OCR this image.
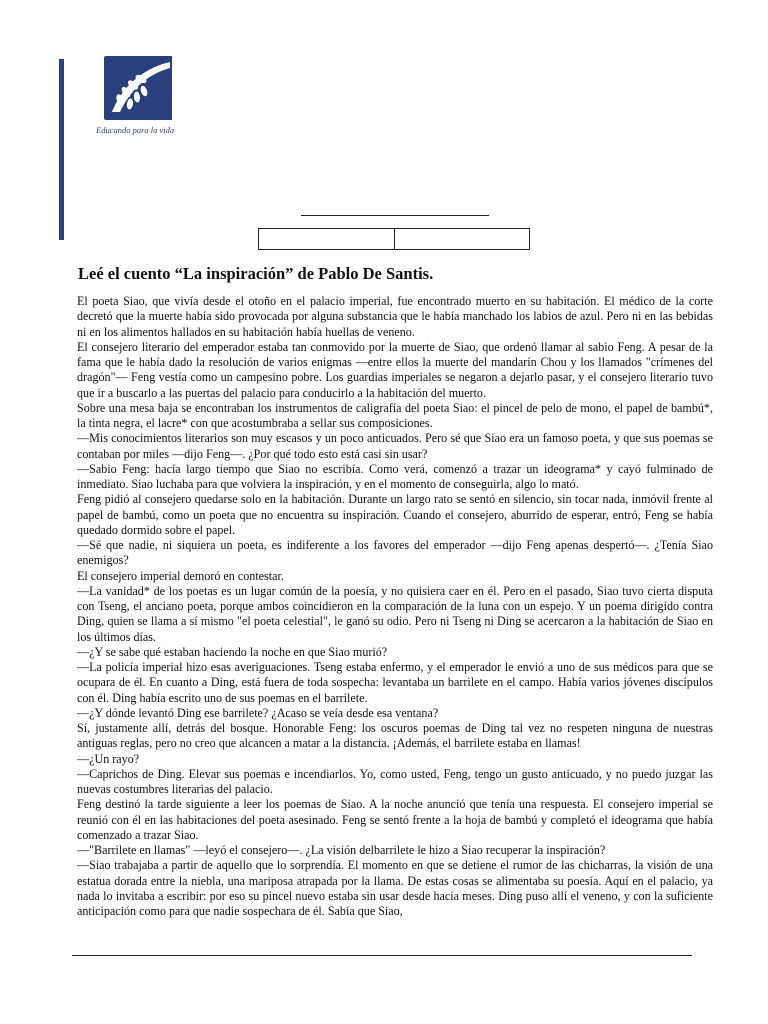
Educando para la vida
Leé el cuento “La inspiración” de Pablo De Santis.

El poeta Siao, que vivía desde el otoño en el palacio imperial, fue encontrado muerto en su habitación. El médico de la corte decretó que la muerte había sido provocada por alguna substancia que le había manchado los labios de azul. Pero ni en las bebidas ni en los alimentos hallados en su habitación había huellas de veneno.

El consejero literario del emperador estaba tan conmovido por la muerte de Siao, que ordenó llamar al sabio Feng. A pesar de la fama que le había dado la resolución de varios enigmas —entre ellos la muerte del mandarín Chou y los llamados "crímenes del dragón"— Feng vestía como un campesino pobre. Los guardias imperiales se negaron a dejarlo pasar, y el consejero literario tuvo que ir a buscarlo a las puertas del palacio para conducirlo a la habitación del muerto.

Sobre una mesa baja se encontraban los instrumentos de caligrafía del poeta Siao: el pincel de pelo de mono, el papel de bambú*, la tinta negra, el lacre* con que acostumbraba a sellar sus composiciones.

—Mis conocimientos literarios son muy escasos y un poco anticuados. Pero sé que Siao era un famoso poeta, y que sus poemas se contaban por miles —dijo Feng—. ¿Por qué todo esto está casi sin usar?

—Sabio Feng: hacía largo tiempo que Siao no escribía. Como verá, comenzó a trazar un ideograma* y cayó fulminado de inmediato. Siao luchaba para que volviera la inspiración, y en el momento de conseguirla, algo lo mató.

Feng pidió al consejero quedarse solo en la habitación. Durante un largo rato se sentó en silencio, sin tocar nada, inmóvil frente al papel de bambú, como un poeta que no encuentra su inspiración. Cuando el consejero, aburrido de esperar, entró, Feng se había quedado dormido sobre el papel.

—Sé que nadie, ni siquiera un poeta, es indiferente a los favores del emperador —dijo Feng apenas despertó—. ¿Tenía Siao enemigos?

El consejero imperial demoró en contestar.

—La vanidad* de los poetas es un lugar común de la poesía, y no quisiera caer en él. Pero en el pasado, Siao tuvo cierta disputa con Tseng, el anciano poeta, porque ambos coincidieron en la comparación de la luna con un espejo. Y un poema dirigido contra Ding, quien se llama a sí mismo "el poeta celestial", le ganó su odio. Pero ni Tseng ni Ding se acercaron a la habitación de Siao en los últimos días.

—¿Y se sabe qué estaban haciendo la noche en que Siao murió?

—La policía imperial hizo esas averiguaciones. Tseng estaba enfermo, y el emperador le envió a uno de sus médicos para que se ocupara de él. En cuanto a Ding, está fuera de toda sospecha: levantaba un barrilete en el campo. Había varios jóvenes discípulos con él. Ding había escrito uno de sus poemas en el barrilete.

—¿Y dónde levantó Ding ese barrilete? ¿Acaso se veía desde esa ventana?

Sí, justamente allí, detrás del bosque. Honorable Feng: los oscuros poemas de Ding tal vez no respeten ninguna de nuestras antiguas reglas, pero no creo que alcancen a matar a la distancia. ¡Además, el barrilete estaba en llamas!

—¿Un rayo?

—Caprichos de Ding. Elevar sus poemas e incendiarlos. Yo, como usted, Feng, tengo un gusto anticuado, y no puedo juzgar las nuevas costumbres literarias del palacio.

Feng destinó la tarde siguiente a leer los poemas de Siao. A la noche anunció que tenía una respuesta. El consejero imperial se reunió con él en las habitaciones del poeta asesinado. Feng se sentó frente a la hoja de bambú y completó el ideograma que había comenzado a trazar Siao.

—"Barrilete en llamas" —leyó el consejero—. ¿La visión delbarrilete le hizo a Siao recuperar la inspiración?

—Siao trabajaba a partir de aquello que lo sorprendía. El momento en que se detiene el rumor de las chicharras, la visión de una estatua dorada entre la niebla, una mariposa atrapada por la llama. De estas cosas se alimentaba su poesía. Aquí en el palacio, ya nada lo invitaba a escribir: por eso su pincel nuevo estaba sin usar desde hacía meses. Ding puso allí el veneno, y con la suficiente anticipación como para que nadie sospechara de él. Sabía que Siao,
